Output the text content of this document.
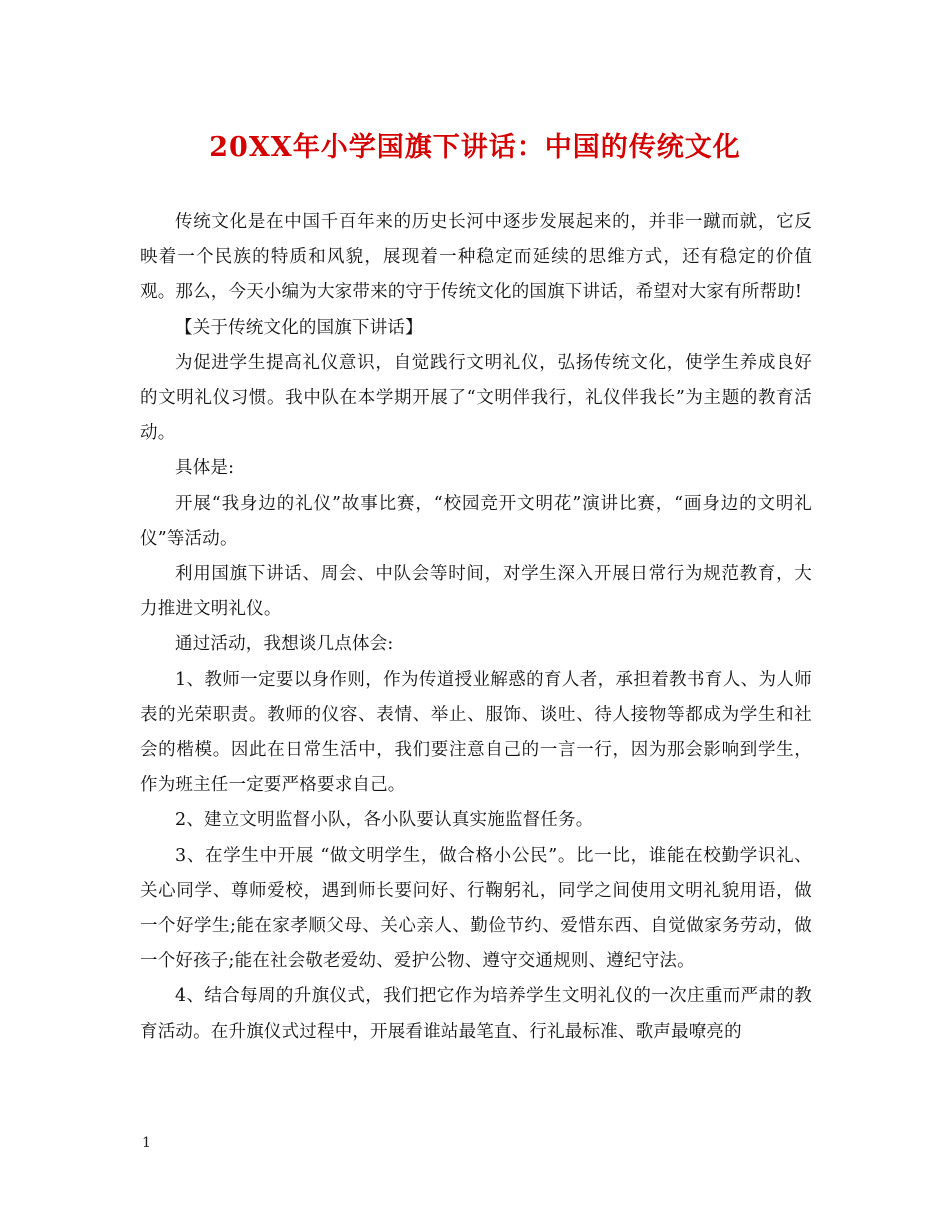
20XX年小学国旗下讲话：中国的传统文化

传统文化是在中国千百年来的历史长河中逐步发展起来的，并非一蹴而就，它反映着一个民族的特质和风貌，展现着一种稳定而延续的思维方式，还有稳定的价值观。那么，今天小编为大家带来的守于传统文化的国旗下讲话，希望对大家有所帮助!

【关于传统文化的国旗下讲话】

为促进学生提高礼仪意识，自觉践行文明礼仪，弘扬传统文化，使学生养成良好的文明礼仪习惯。我中队在本学期开展了“文明伴我行，礼仪伴我长”为主题的教育活动。

具体是:

开展“我身边的礼仪”故事比赛，“校园竞开文明花”演讲比赛，“画身边的文明礼仪”等活动。

利用国旗下讲话、周会、中队会等时间，对学生深入开展日常行为规范教育，大力推进文明礼仪。

通过活动，我想谈几点体会:

1、教师一定要以身作则，作为传道授业解惑的育人者，承担着教书育人、为人师表的光荣职责。教师的仪容、表情、举止、服饰、谈吐、待人接物等都成为学生和社会的楷模。因此在日常生活中，我们要注意自己的一言一行，因为那会影响到学生，作为班主任一定要严格要求自己。

2、建立文明监督小队，各小队要认真实施监督任务。

3、在学生中开展 “做文明学生，做合格小公民”。比一比，谁能在校勤学识礼、关心同学、尊师爱校，遇到师长要问好、行鞠躬礼，同学之间使用文明礼貌用语，做一个好学生;能在家孝顺父母、关心亲人、勤俭节约、爱惜东西、自觉做家务劳动，做一个好孩子;能在社会敬老爱幼、爱护公物、遵守交通规则、遵纪守法。

4、结合每周的升旗仪式，我们把它作为培养学生文明礼仪的一次庄重而严肃的教育活动。在升旗仪式过程中，开展看谁站最笔直、行礼最标准、歌声最嘹亮的

1
